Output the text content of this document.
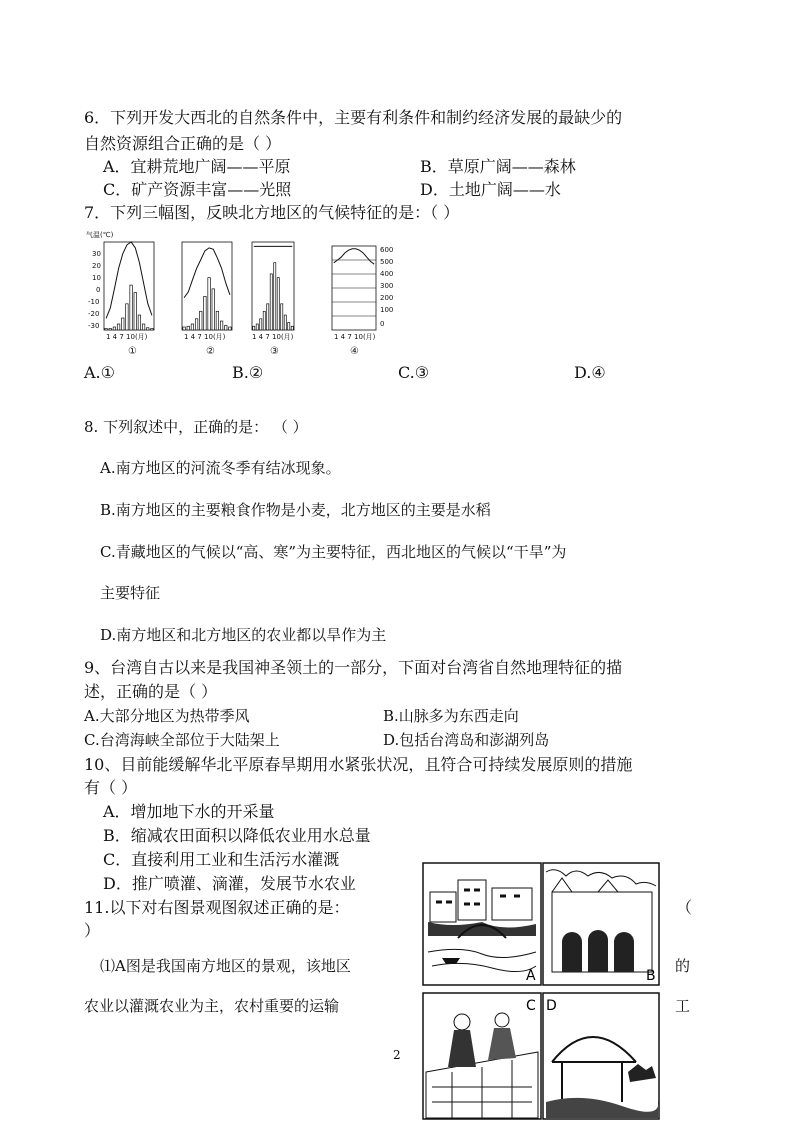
6．下列开发大西北的自然条件中，主要有利条件和制约经济发展的最缺少的
自然资源组合正确的是（ ）
A．宜耕荒地广阔——平原	B．草原广阔——森林
C．矿产资源丰富——光照	D．土地广阔——水
7．下列三幅图，反映北方地区的气候特征的是：（ ）
气温(℃)
30
20
10
0
-10
-20
-30
1 4 7 10(月)
①
1 4 7 10(月)
②
1 4 7 10(月)
③
600
500
400
300
200
100
0
1 4 7 10(月)
④
A.①	B.②	C.③	D.④
8. 下列叙述中，正确的是： （ ）
A.南方地区的河流冬季有结冰现象。
B.南方地区的主要粮食作物是小麦，北方地区的主要是水稻
C.青藏地区的气候以“高、寒”为主要特征，西北地区的气候以“干旱”为
主要特征
D.南方地区和北方地区的农业都以旱作为主
9、台湾自古以来是我国神圣领土的一部分，下面对台湾省自然地理特征的描
述，正确的是（ ）
A.大部分地区为热带季风	B.山脉多为东西走向
C.台湾海峡全部位于大陆架上	D.包括台湾岛和澎湖列岛
10、目前能缓解华北平原春旱期用水紧张状况，且符合可持续发展原则的措施
有（ ）
A．增加地下水的开采量
B．缩减农田面积以降低农业用水总量
C．直接利用工业和生活污水灌溉
D．推广喷灌、滴灌，发展节水农业
11.以下对右图景观图叙述正确的是：	（
）
⑴A图是我国南方地区的景观，该地区	的
农业以灌溉农业为主，农村重要的运输	工
A	B
C D
2
